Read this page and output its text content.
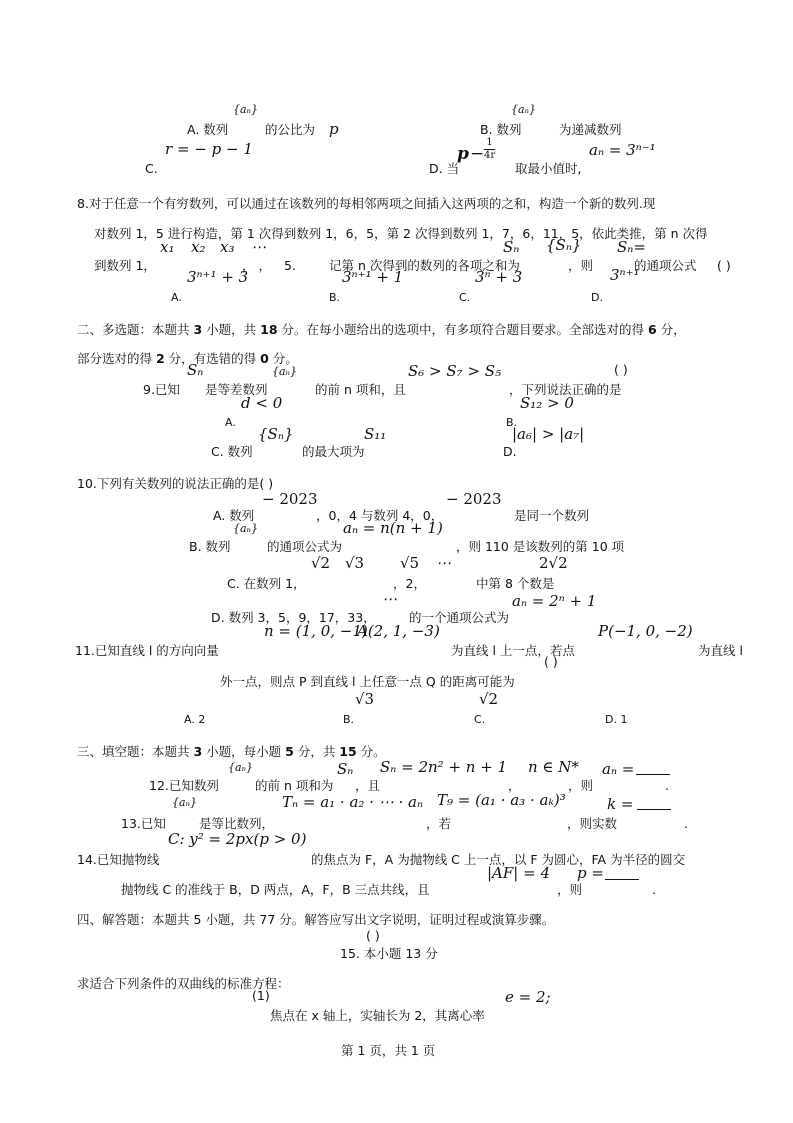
{aₙ}
A. 数列	的公比为 p
{aₙ}
B. 数列	为递减数列
r = − p − 1
C.
$p - \frac{1}{4r}$
D. 当	取最小值时,
aₙ = 3ⁿ⁻¹
8.对于任意一个有穷数列，可以通过在该数列的每相邻两项之间插入这两项的之和，构造一个新的数列.现
对数列 1，5 进行构造，第 1 次得到数列 1，6，5，第 2 次得到数列 1，7，6，11，5，依此类推，第 n 次得
x₁ x₂ x₃ ⋯	Sₙ {Sₙ} Sₙ=
到数列 1，	， ， 5.	记第 n 次得到的数列的各项之和为	，则	的通项公式 ( )
3ⁿ⁺¹ + 3	3ⁿ⁺¹ + 1	3ⁿ + 3	3ⁿ⁺¹
A.	B.	C.	D.
二、多选题：本题共 3 小题，共 18 分。在每小题给出的选项中，有多项符合题目要求。全部选对的得 6 分，
部分选对的得 2 分，有选错的得 0 分。
Sₙ	{aₙ}	S₆ > S₇ > S₅	( )
9.已知 是等差数列	的前 n 项和，且	，下列说法正确的是
d < 0	S₁₂ > 0
A.	B.
{Sₙ}	S₁₁	|a₆| > |a₇|
C. 数列	的最大项为	D.
10.下列有关数列的说法正确的是( )
− 2023	− 2023
A. 数列	，0，4 与数列 4，0，	是同一个数列
{aₙ}	aₙ = n(n + 1)
B. 数列	的通项公式为	，则 110 是该数列的第 10 项
√2 √3 √5 ⋯	2√2
C. 在数列 1，	，2，	中第 8 个数是
⋯	aₙ = 2ⁿ + 1
D. 数列 3，5，9，17，33，	的一个通项公式为
n = (1, 0, −1)
A(2, 1, −3)	P(−1, 0, −2)
11.已知直线 l 的方向向量	为直线 l 上一点，若点	为直线 l
( )
外一点，则点 P 到直线 l 上任意一点 Q 的距离可能为
√3	√2
A. 2	B.	C.	D. 1
三、填空题：本题共 3 小题，每小题 5 分，共 15 分。
{aₙ}	Sₙ Sₙ = 2n² + n + 1 n ∈ N* aₙ =
12.已知数列	的前 n 项和为 ，且	，	，则	.
{aₙ}	Tₙ = a₁ · a₂ · ⋯ · aₙ T₉ = (a₁ · a₃ · aₖ)³	k =
13.已知	是等比数列，	，若	，则实数	.
C: y² = 2px(p > 0)
14.已知抛物线	的焦点为 F，A 为抛物线 C 上一点，以 F 为圆心，FA 为半径的圆交
|AF| = 4 p =
抛物线 C 的准线于 B，D 两点，A，F，B 三点共线，且	，则	.
四、解答题：本题共 5 小题，共 77 分。解答应写出文字说明，证明过程或演算步骤。
( )
15. 本小题 13 分
求适合下列条件的双曲线的标准方程：
(1)	e = 2;
焦点在 x 轴上，实轴长为 2，其离心率
第 1 页，共 1 页
